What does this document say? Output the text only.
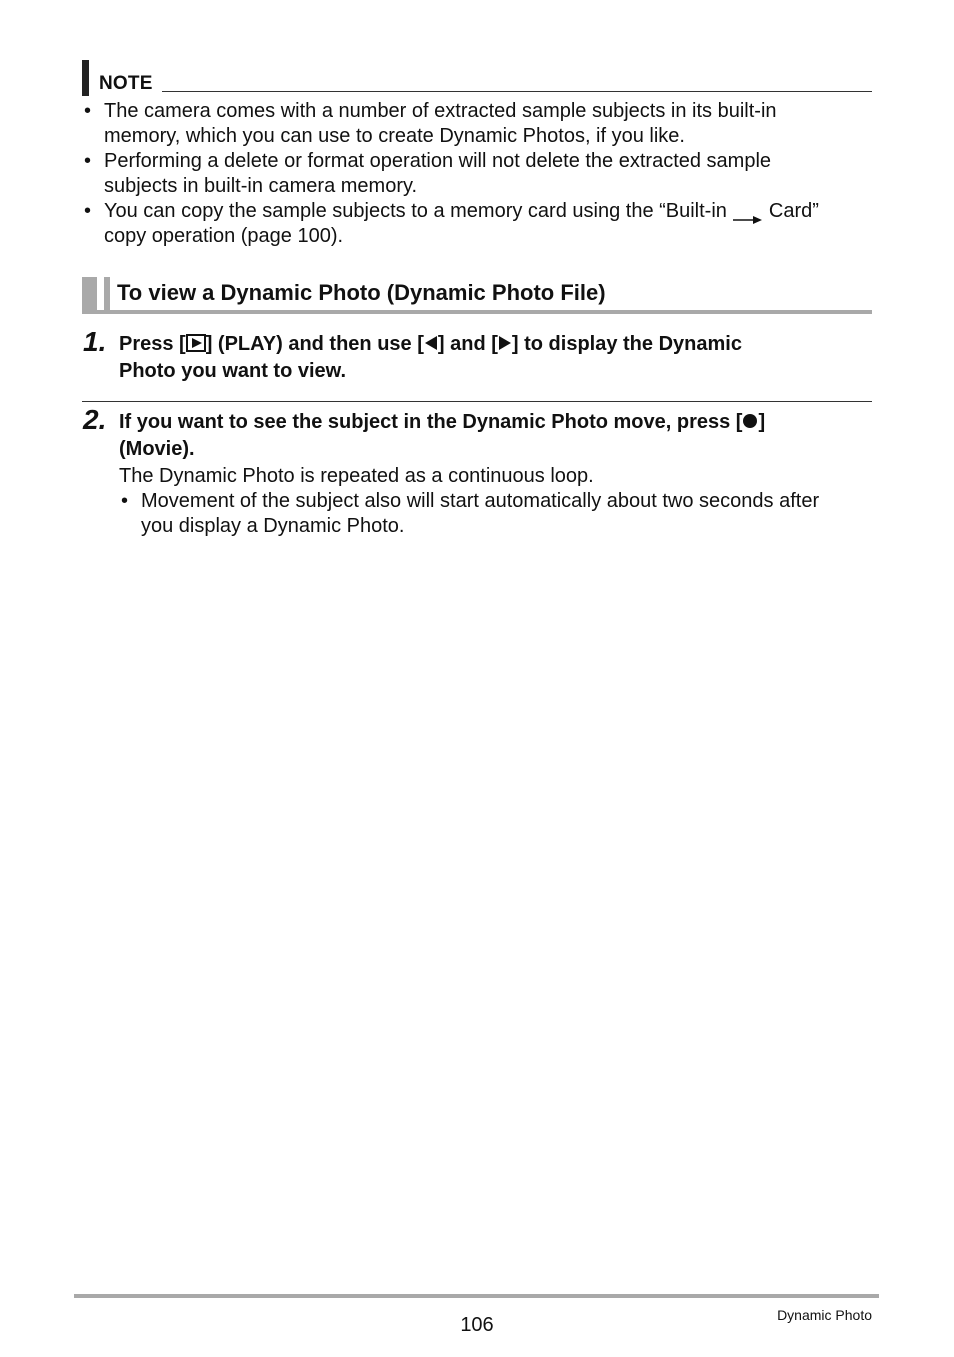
NOTE
• The camera comes with a number of extracted sample subjects in its built-in
memory, which you can use to create Dynamic Photos, if you like.
• Performing a delete or format operation will not delete the extracted sample
subjects in built-in camera memory.
• You can copy the sample subjects to a memory card using the “Built-in Card”
copy operation (page 100).
To view a Dynamic Photo (Dynamic Photo File)
1. Press [ ] (PLAY) and then use [ ] and [ ] to display the Dynamic
Photo you want to view.
2. If you want to see the subject in the Dynamic Photo move, press [ ]
(Movie).
The Dynamic Photo is repeated as a continuous loop.
• Movement of the subject also will start automatically about two seconds after
you display a Dynamic Photo.
106	Dynamic Photo
